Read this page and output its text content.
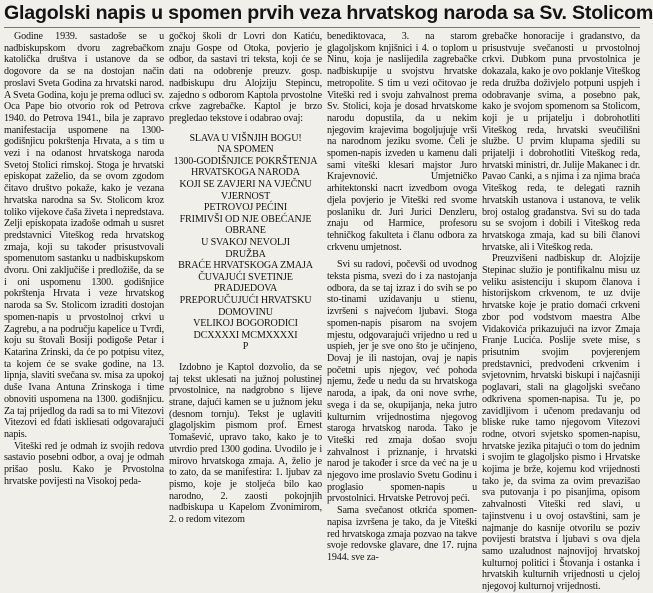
Glagolski napis u spomen prvih veza hrvatskog naroda sa Sv. Stolicom

Godine 1939. sastadoše se u nadbiskupskom dvoru zagrebačkom katolička društva i ustanove da se dogovore da se na dostojan način proslavi Sveta Godina za hrvatski narod. A Sveta Godina, koju je prema odluci sv. Oca Pape bio otvorio rok od Petrova 1940. do Petrova 1941., bila je zapravo manifestacija uspomene na 1300-godišnjicu pokrštenja Hrvata, a s tim u vezi i na odanost hrvatskoga naroda Svetoj Stolici rimskoj. Stoga je hrvatski episkopat zaželio, da se ovom zgodom čitavo društvo pokaže, kako je vezana hrvatska narodna sa Sv. Stolicom kroz toliko vijekove čaša živeta i nepredstava. Zelji episkopata izađoše odmah u susret predstavnici Viteškog reda hrvatskog zmaja, koji su također prisustvovali spomenutom sastanku u nadbiskupskom dvoru. Oni zaključiše i predložiše, da se i oni uspomenu 1300. godišnjice pokrštenja Hrvata i veze hrvatskog naroda sa Sv. Stolicom izraditi dostojan spomen-napis u prvostolnoj crkvi u Zagrebu, a na području kapelice u Tvrđi, koju su štovali Bosiji podigoše Petar i Katarina Zrinski, da će po potpisu vitez, ta kojem će se svake godine, na 13. lipnja, slaviti svečana sv. misa za upokoj duše Ivana Antuna Zrinskoga i time obnoviti uspomena na 1300. godišnjicu. Za taj prijedlog da radi sa to mi Vitezovi Vitezovi ed fdati iskliesati odgovarajući napis.

Viteški red je odmah iz svojih redova sastavio posebni odbor, a ovaj je odmah prišao poslu. Kako je Prvostolna hrvatske povijesti na Visokoj peda-

gočkoj školi dr Lovri don Katiću, znaju Gospe od Otoka, povjerio je odbor, da sastavi tri teksta, koji će se dati na odobrenje preuzv. gosp. nadbiskupu dru Alojziju Stepincu, zajedno s odborom Kaptola prvostolne crkve zagrebačke. Kaptol je brzo pregledao tekstove i odabrao ovaj:

SLAVA U VIŠNJIH BOGU!
NA SPOMEN
1300-GODIŠNJICE POKRŠTENJA
HRVATSKOGA NARODA
KOJI SE ZAVJERI NA VJEČNU
VJERNOST
PETROVOJ PEĆINI
FRIMIVŠI OD NJE OBEĆANJE
OBRANE
U SVAKOJ NEVOLJI
DRUŽBA
BRAĆE HRVATSKOGA ZMAJA
ČUVAJUĆI SVETINJE
PRADJEDOVA
PREPORUČUJUĆI HRVATSKU
DOMOVINU
VELIKOJ BOGORODICI
DCXXXXI MCMXXXXI
P

Izdobno je Kaptol dozvolio, da se taj tekst uklesati na južnoj polustinej prvostolnice, na nadgrobno s lijeve strane, dajući kamen se u južnom jeku (desnom tornju). Tekst je uglaviti glagoljskim pismom prof. Ernest Tomašević, upravo tako, kako je to utvrdio pred 1300 godina. Uvodilo je i mirovo hrvatskoga zmaja. A, želio je to zato, da se manifestira: 1. ljubav za pismo, koje je stoljeća bilo kao narodno, 2. zaosti pokojnjih nadbiskupa u Kapelom Zvonimirom, 2. o redom vitezom

benediktovaca, 3. na starom glagoljskom knjišnici i 4. o toplom u Ninu, koja je naslijedila zagrebačke nadbiskupije u svojstvu hrvatske metropolite. S tim u vezi očitovao je Viteški red i svoju zahvalnost prema Sv. Stolici, koja je dosad hrvatskome narodu dopustila, da u nekim njegovim krajevima bogoljujuje vrši na narodnom jeziku svome. Čeli je spomen-napis izveden u kamenu dali sami viteški klesari majstor Juro Krajevnović. Umjetničko arhitektonski nacrt izvedbom ovoga djela povjerio je Viteški red svome poslaniku dr. Juri Jurici Denzleru, znaju od Harmice, profesoru tehničkog fakulteta i članu odbora za crkvenu umjetnost.

Svi su radovi, počevši od uvodnog teksta pisma, svezi do i za nastojanja odbora, da se taj izraz i do svih se po sto-tinami uzidavanju u stienu, izvršeni s najvećom ljubavi. Stoga spomen-napis pisarom na svojem mjestu, odgovarajući vrijedno u red u uspieh, jer je sve ono što je učinjeno, Dovaj je ili nastojan, ovaj je napis početni upis njegov, već pohoda njemu, žeđe u nedu da su hrvatskoga naroda, a ipak, da oni nove svrhe, svega i da se, okupijanja, neka jutro kulturnim vrijednostima njegovog staroga hrvatskog naroda. Tako je Viteški red zmaja došao svoju zahvalnost i priznanje, i hrvatski narod je također i srce da već na je u njegovo ime proslavio Svetu Godinu i proglasio spomen-napis u prvostolnici. Hrvatske Petrovoj peći.

Sama svečanost otkrića spomen-napisa izvršena je tako, da je Viteški red hrvatskoga zmaja pozvao na takve svoje redovske glavare, dne 17. rujna 1944. sve za-

grebačke honoracije i gradanstvo, da prisustvuje svečanosti u prvostolnoj crkvi. Dubkom puna prvostolnica je dokazala, kako je ovo poklanje Viteškog reda družba doživjelo potpuni uspjeh i odobravanje svima, a posebno pak, kako je svojom spomenom sa Stolicom, koji je u prijatelju i dobrohotliti Viteškog reda, hrvatski sveučilišni službe. U prvim klupama sjedili su prijatelji i dobrohotliti Viteškog reda, hrvatski ministri, dr. Julije Makanec i dr. Pavao Canki, a s njima i za njima braća Viteškog reda, te delegati raznih hrvatskih ustanova i ustanova, te velik broj ostalog građanstva. Svi su do tada su se svojom i dobili i Viteškog reda hrvatskoga zmaja, kad su bili članovi hrvatske, ali i Viteškog reda.

Preuzvišeni nadbiskup dr. Alojzije Stepinac služio je pontifikalnu misu uz veliku asistenciju i skupom članova i historijskom crkvenom, te uz dvije hrvatske koje je pratio domaći crkveni zbor pod vodstvom maestra Albe Vidakovića prikazujući na izvor Zmaja Franje Lucića. Poslije svete mise, s prisutnim svojim povjerenjem predstavnici, predvođeni crkvenim i svjetovnim, hrvatski biskupi i najčasniji poglavari, stali na glagoljski svečano odkrivena spomen-napisa. Tu je, po zavidljivom i učenom predavanju od bliske ruke tamo njegovom Vitezovi rodne, otvori svjetsko spomen-napisu, hrvatske jezika pitajući o tom do jednim i svojim te glagoljsko pismo i Hrvatske kojima je brže, kojemu kod vrijednosti tako je, da svima za ovim prevazišao sva putovanja i po pisanjima, opisom zahvalnosti Viteški red slavi, u tajinstvenu i u ovoj ostavštini, sam je najmanje do kasnije otvorilu se poziv povijesti bratstva i ljubavi s ova djela samo uzaludnost najnovijoj hrvatskoj kulturnoj politici i Štovanja i ostanka i hrvatskih kulturnih vrijednosti u cjeloj njegovoj kulturnoj vrijednosti.
